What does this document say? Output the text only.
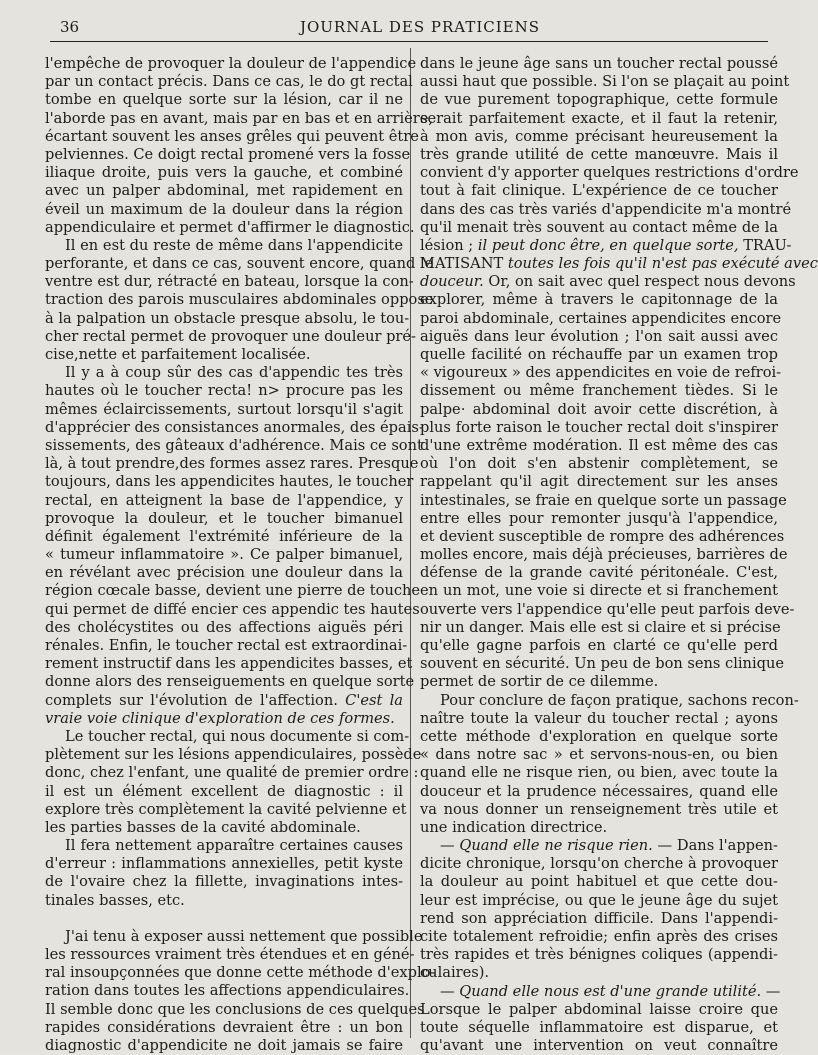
36	JOURNAL DES PRATICIENS
l'empêche de provoquer la douleur de l'appendice
par un contact précis. Dans ce cas, le do gt rectal
tombe en quelque sorte sur la lésion, car il ne
l'aborde pas en avant, mais par en bas et en arrière,
écartant souvent les anses grêles qui peuvent être
pelviennes. Ce doigt rectal promené vers la fosse
iliaque droite, puis vers la gauche, et combiné
avec un palper abdominal, met rapidement en
éveil un maximum de la douleur dans la région
appendiculaire et permet d'affirmer le diagnostic.
Il en est du reste de même dans l'appendicite
perforante, et dans ce cas, souvent encore, quand le
ventre est dur, rétracté en bateau, lorsque la con-
traction des parois musculaires abdominales oppose
à la palpation un obstacle presque absolu, le tou-
cher rectal permet de provoquer une douleur pré-
cise,nette et parfaitement localisée.
Il y a à coup sûr des cas d'appendic tes très
hautes où le toucher recta! n> procure pas les
mêmes éclaircissements, surtout lorsqu'il s'agit
d'apprécier des consistances anormales, des épais-
sissements, des gâteaux d'adhérence. Mais ce sont
là, à tout prendre,des formes assez rares. Presque
toujours, dans les appendicites hautes, le toucher
rectal, en atteignent la base de l'appendice, y
provoque la douleur, et le toucher bimanuel
définit également l'extrémité inférieure de la
« tumeur inflammatoire ». Ce palper bimanuel,
en révélant avec précision une douleur dans la
région cœcale basse, devient une pierre de touche
qui permet de diffé encier ces appendic tes hautes
des cholécystites ou des affections aiguës péri
rénales. Enfin, le toucher rectal est extraordinai-
rement instructif dans les appendicites basses, et
donne alors des renseiguements en quelque sorte
complets sur l'évolution de l'affection. C'est la
vraie voie clinique d'exploration de ces formes.
Le toucher rectal, qui nous documente si com-
plètement sur les lésions appendiculaires, possède
donc, chez l'enfant, une qualité de premier ordre :
il est un élément excellent de diagnostic : il
explore très complètement la cavité pelvienne et
les parties basses de la cavité abdominale.
Il fera nettement apparaître certaines causes
d'erreur : inflammations annexielles, petit kyste
de l'ovaire chez la fillette, invaginations intes-
tinales basses, etc.
J'ai tenu à exposer aussi nettement que possible
les ressources vraiment très étendues et en géné-
ral insoupçonnées que donne cette méthode d'explo-
ration dans toutes les affections appendiculaires.
Il semble donc que les conclusions de ces quelques
rapides considérations devraient être : un bon
diagnostic d'appendicite ne doit jamais se faire
dans le jeune âge sans un toucher rectal poussé
aussi haut que possible. Si l'on se plaçait au point
de vue purement topographique, cette formule
serait parfaitement exacte, et il faut la retenir,
à mon avis, comme précisant heureusement la
très grande utilité de cette manœuvre. Mais il
convient d'y apporter quelques restrictions d'ordre
tout à fait clinique. L'expérience de ce toucher
dans des cas très variés d'appendicite m'a montré
qu'il menait très souvent au contact même de la
lésion ; il peut donc être, en quelque sorte, TRAU-
MATISANT toutes les fois qu'il n'est pas exécuté avec
douceur. Or, on sait avec quel respect nous devons
explorer, même à travers le capitonnage de la
paroi abdominale, certaines appendicites encore
aiguës dans leur évolution ; l'on sait aussi avec
quelle facilité on réchauffe par un examen trop
« vigoureux » des appendicites en voie de refroi-
dissement ou même franchement tièdes. Si le
palpe· abdominal doit avoir cette discrétion, à
plus forte raison le toucher rectal doit s'inspirer
d'une extrême modération. Il est même des cas
où l'on doit s'en abstenir complètement, se
rappelant qu'il agit directement sur les anses
intestinales, se fraie en quelque sorte un passage
entre elles pour remonter jusqu'à l'appendice,
et devient susceptible de rompre des adhérences
molles encore, mais déjà précieuses, barrières de
défense de la grande cavité péritonéale. C'est,
en un mot, une voie si directe et si franchement
ouverte vers l'appendice qu'elle peut parfois deve-
nir un danger. Mais elle est si claire et si précise
qu'elle gagne parfois en clarté ce qu'elle perd
souvent en sécurité. Un peu de bon sens clinique
permet de sortir de ce dilemme.
Pour conclure de façon pratique, sachons recon-
naître toute la valeur du toucher rectal ; ayons
cette méthode d'exploration en quelque sorte
« dans notre sac » et servons-nous-en, ou bien
quand elle ne risque rien, ou bien, avec toute la
douceur et la prudence nécessaires, quand elle
va nous donner un renseignement très utile et
une indication directrice.
— Quand elle ne risque rien. — Dans l'appen-
dicite chronique, lorsqu'on cherche à provoquer
la douleur au point habituel et que cette dou-
leur est imprécise, ou que le jeune âge du sujet
rend son appréciation difficile. Dans l'appendi-
cite totalement refroidie; enfin après des crises
très rapides et très bénignes coliques (appendi-
culaires).
— Quand elle nous est d'une grande utilité. —
Lorsque le palper abdominal laisse croire que
toute séquelle inflammatoire est disparue, et
qu'avant une intervention on veut connaître
